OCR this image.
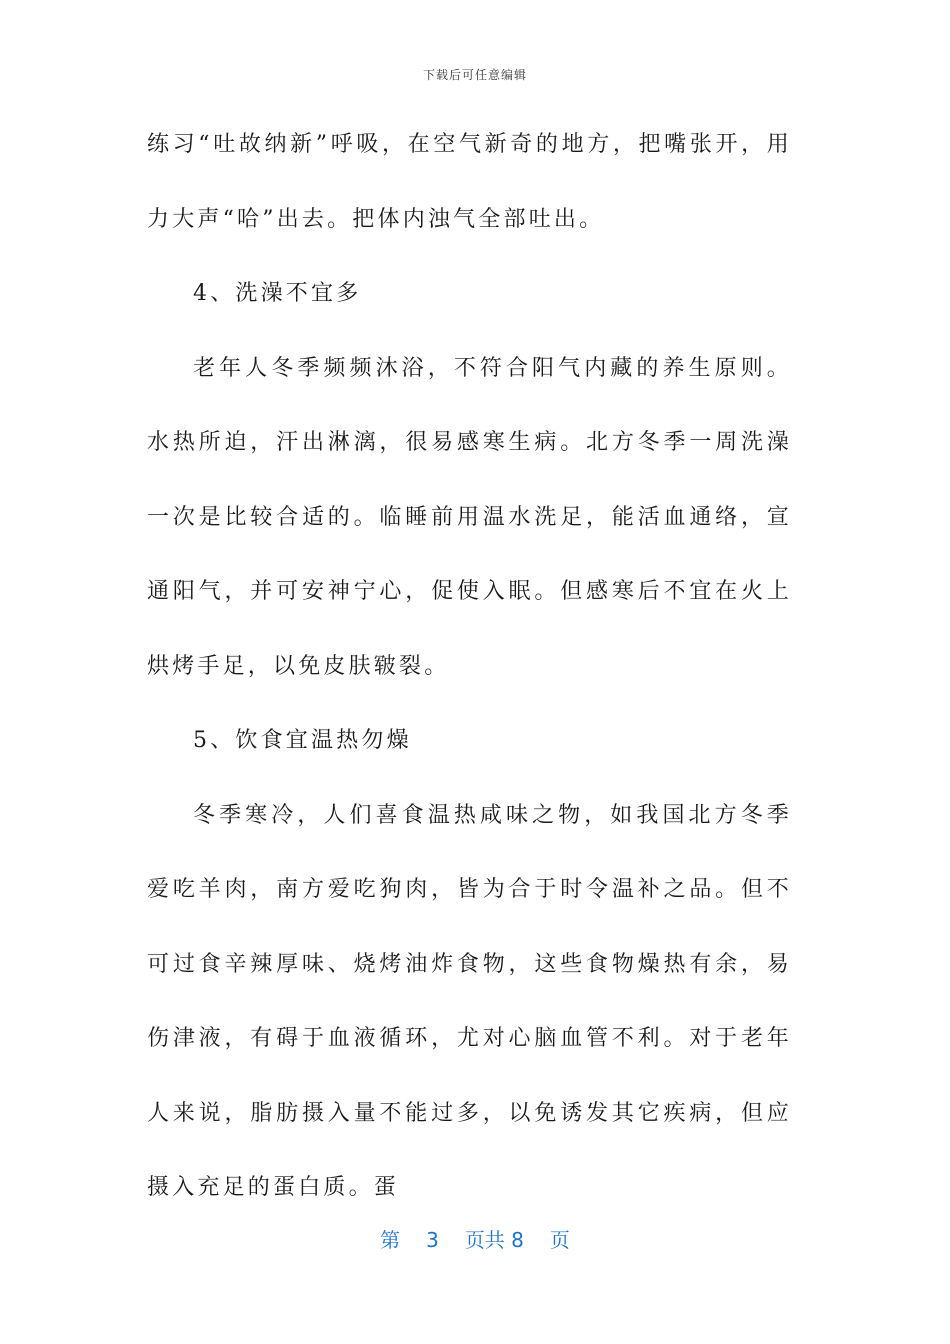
下载后可任意编辑

练习“吐故纳新”呼吸，在空气新奇的地方，把嘴张开，用力大声“哈”出去。把体内浊气全部吐出。

4、洗澡不宜多

老年人冬季频频沐浴，不符合阳气内藏的养生原则。水热所迫，汗出淋漓，很易感寒生病。北方冬季一周洗澡一次是比较合适的。临睡前用温水洗足，能活血通络，宣通阳气，并可安神宁心，促使入眠。但感寒后不宜在火上烘烤手足，以免皮肤皲裂。

5、饮食宜温热勿燥

冬季寒冷，人们喜食温热咸味之物，如我国北方冬季爱吃羊肉，南方爱吃狗肉，皆为合于时令温补之品。但不可过食辛辣厚味、烧烤油炸食物，这些食物燥热有余，易伤津液，有碍于血液循环，尤对心脑血管不利。对于老年人来说，脂肪摄入量不能过多，以免诱发其它疾病，但应摄入充足的蛋白质。蛋

第 3 页共 8 页
